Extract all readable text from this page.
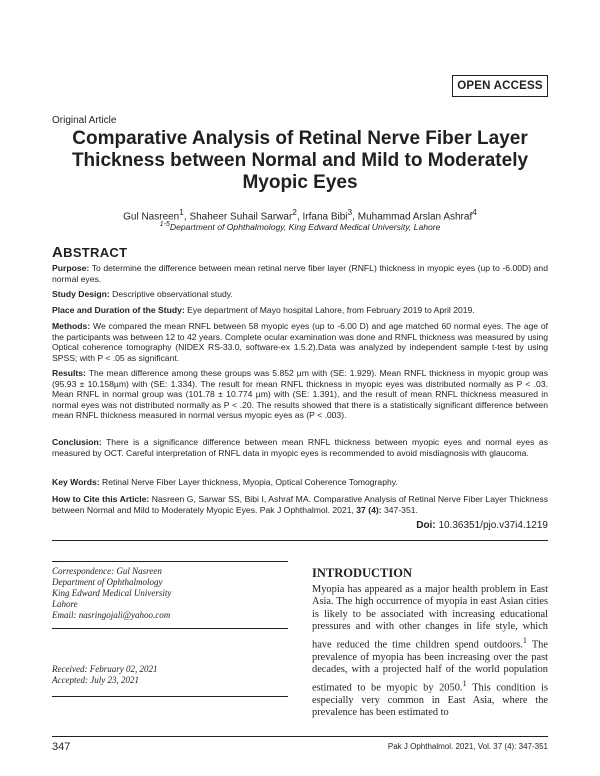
OPEN ACCESS
Original Article
Comparative Analysis of Retinal Nerve Fiber Layer
Thickness between Normal and Mild to Moderately
Myopic Eyes
Gul Nasreen$^1$, Shaheer Suhail Sarwar$^2$, Irfana Bibi$^3$, Muhammad Arslan Ashraf$^4$
$^{1-5}$Department of Ophthalmology, King Edward Medical University, Lahore
ABSTRACT
Purpose: To determine the difference between mean retinal nerve fiber layer (RNFL) thickness in myopic eyes (up to -6.00D) and normal eyes.
Study Design: Descriptive observational study.
Place and Duration of the Study: Eye department of Mayo hospital Lahore, from February 2019 to April 2019.
Methods: We compared the mean RNFL between 58 myopic eyes (up to -6.00 D) and age matched 60 normal eyes. The age of the participants was between 12 to 42 years. Complete ocular examination was done and RNFL thickness was measured by using Optical coherence tomography (NIDEX RS-33.0, software-ex 1.5.2).Data was analyzed by independent sample t-test by using SPSS; with P < .05 as significant.
Results: The mean difference among these groups was 5.852 µm with (SE: 1.929). Mean RNFL thickness in myopic group was (95.93 ± 10.158µm) with (SE: 1.334). The result for mean RNFL thickness in myopic eyes was distributed normally as P < .03. Mean RNFL in normal group was (101.78 ± 10.774 µm) with (SE: 1.391), and the result of mean RNFL thickness measured in normal eyes was not distributed normally as P < .20. The results showed that there is a statistically significant difference between mean RNFL thickness measured in normal versus myopic eyes as (P < .003).
Conclusion: There is a significance difference between mean RNFL thickness between myopic eyes and normal eyes as measured by OCT. Careful interpretation of RNFL data in myopic eyes is recommended to avoid misdiagnosis with glaucoma.
Key Words: Retinal Nerve Fiber Layer thickness, Myopia, Optical Coherence Tomography.
How to Cite this Article: Nasreen G, Sarwar SS, Bibi I, Ashraf MA. Comparative Analysis of Retinal Nerve Fiber Layer Thickness between Normal and Mild to Moderately Myopic Eyes. Pak J Ophthalmol. 2021, 37 (4): 347-351.
Doi: 10.36351/pjo.v37i4.1219
Correspondence: Gul Nasreen
Department of Ophthalmology
King Edward Medical University
Lahore
Email: nasringojali@yahoo.com
Received: February 02, 2021
Accepted: July 23, 2021
INTRODUCTION
Myopia has appeared as a major health problem in East Asia. The high occurrence of myopia in east Asian cities is likely to be associated with increasing educational pressures and with other changes in life style, which have reduced the time children spend outdoors.$^1$ The prevalence of myopia has been increasing over the past decades, with a projected half of the world population estimated to be myopic by 2050.$^1$ This condition is especially very common in East Asia, where the prevalence has been estimated to
347	Pak J Ophthalmol. 2021, Vol. 37 (4): 347-351
